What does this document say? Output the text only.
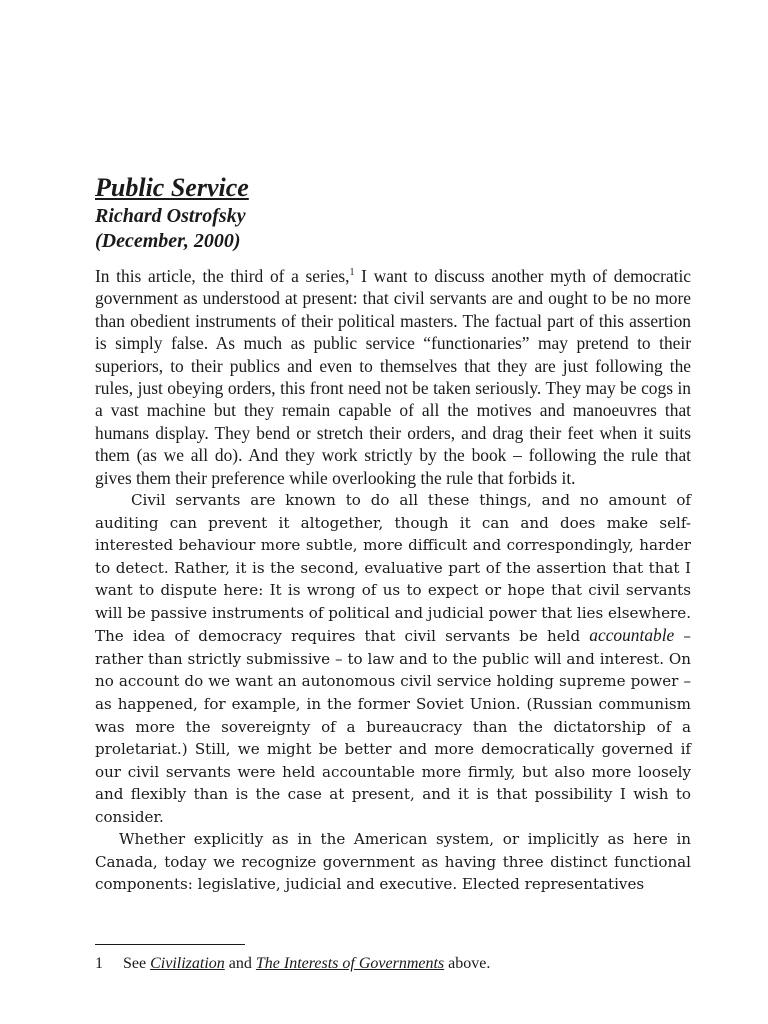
Public Service
Richard Ostrofsky
(December, 2000)

In this article, the third of a series,$^1$ I want to discuss another myth of democratic government as understood at present: that civil servants are and ought to be no more than obedient instruments of their political masters. The factual part of this assertion is simply false. As much as public service “functionaries” may pretend to their superiors, to their publics and even to themselves that they are just following the rules, just obeying orders, this front need not be taken seriously. They may be cogs in a vast machine but they remain capable of all the motives and manoeuvres that humans display. They bend or stretch their orders, and drag their feet when it suits them (as we all do). And they work strictly by the book – following the rule that gives them their preference while overlooking the rule that forbids it.

Civil servants are known to do all these things, and no amount of auditing can prevent it altogether, though it can and does make self-interested behaviour more subtle, more difficult and correspondingly, harder to detect. Rather, it is the second, evaluative part of the assertion that that I want to dispute here: It is wrong of us to expect or hope that civil servants will be passive instruments of political and judicial power that lies elsewhere. The idea of democracy requires that civil servants be held accountable – rather than strictly submissive – to law and to the public will and interest. On no account do we want an autonomous civil service holding supreme power – as happened, for example, in the former Soviet Union. (Russian communism was more the sovereignty of a bureaucracy than the dictatorship of a proletariat.) Still, we might be better and more democratically governed if our civil servants were held accountable more firmly, but also more loosely and flexibly than is the case at present, and it is that possibility I wish to consider.

Whether explicitly as in the American system, or implicitly as here in Canada, today we recognize government as having three distinct functional components: legislative, judicial and executive. Elected representatives

1 See Civilization and The Interests of Governments above.
